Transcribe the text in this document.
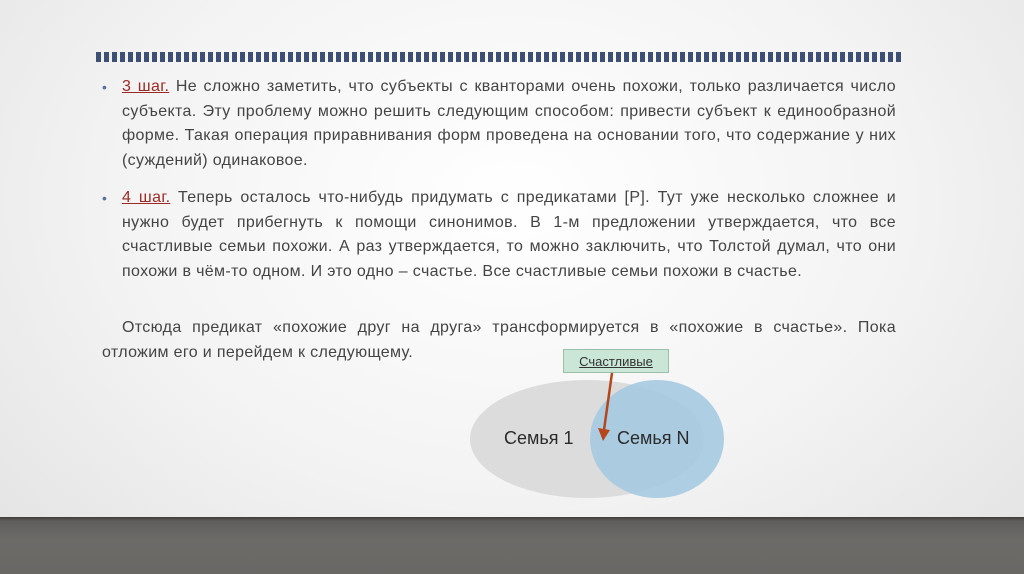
• 3 шаг. Не сложно заметить, что субъекты с кванторами очень похожи, только различается число субъекта. Эту проблему можно решить следующим способом: привести субъект к единообразной форме. Такая операция приравнивания форм проведена на основании того, что содержание у них (суждений) одинаковое.
• 4 шаг. Теперь осталось что-нибудь придумать с предикатами [P]. Тут уже несколько сложнее и нужно будет прибегнуть к помощи синонимов. В 1-м предложении утверждается, что все счастливые семьи похожи. А раз утверждается, то можно заключить, что Толстой думал, что они похожи в чём-то одном. И это одно – счастье. Все счастливые семьи похожи в счастье.
Отсюда предикат «похожие друг на друга» трансформируется в «похожие в счастье». Пока отложим его и перейдем к следующему.
Семья 1 Семья N
Счастливые
